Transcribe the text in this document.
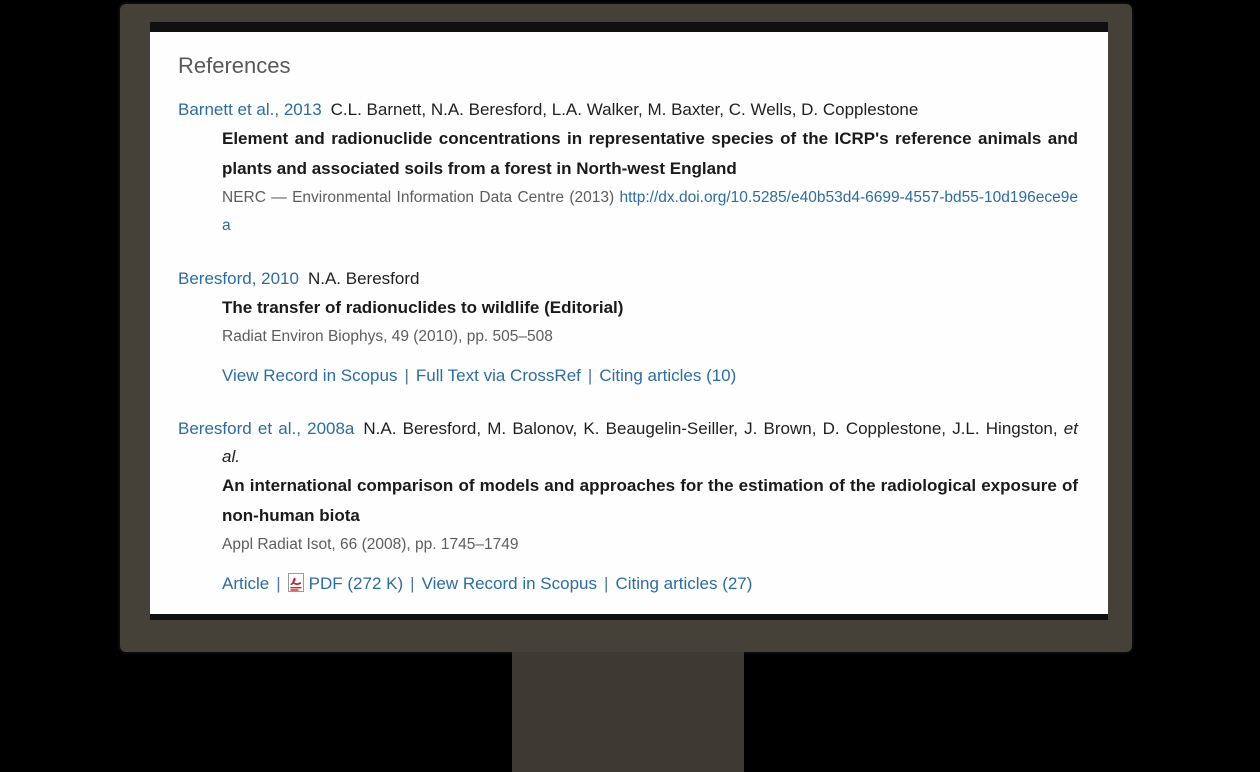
References

Barnett et al., 2013 C.L. Barnett, N.A. Beresford, L.A. Walker, M. Baxter, C. Wells, D. Copplestone

Element and radionuclide concentrations in representative species of the ICRP's reference animals and plants and associated soils from a forest in North-west England

NERC — Environmental Information Data Centre (2013) http://dx.doi.org/10.5285/e40b53d4-6699-4557-bd55-10d196ece9ea

Beresford, 2010 N.A. Beresford

The transfer of radionuclides to wildlife (Editorial)

Radiat Environ Biophys, 49 (2010), pp. 505–508

View Record in Scopus | Full Text via CrossRef | Citing articles (10)

Beresford et al., 2008a N.A. Beresford, M. Balonov, K. Beaugelin-Seiller, J. Brown, D. Copplestone, J.L. Hingston, et al.

An international comparison of models and approaches for the estimation of the radiological exposure of non-human biota

Appl Radiat Isot, 66 (2008), pp. 1745–1749

Article | PDF (272 K) | View Record in Scopus | Citing articles (27)
